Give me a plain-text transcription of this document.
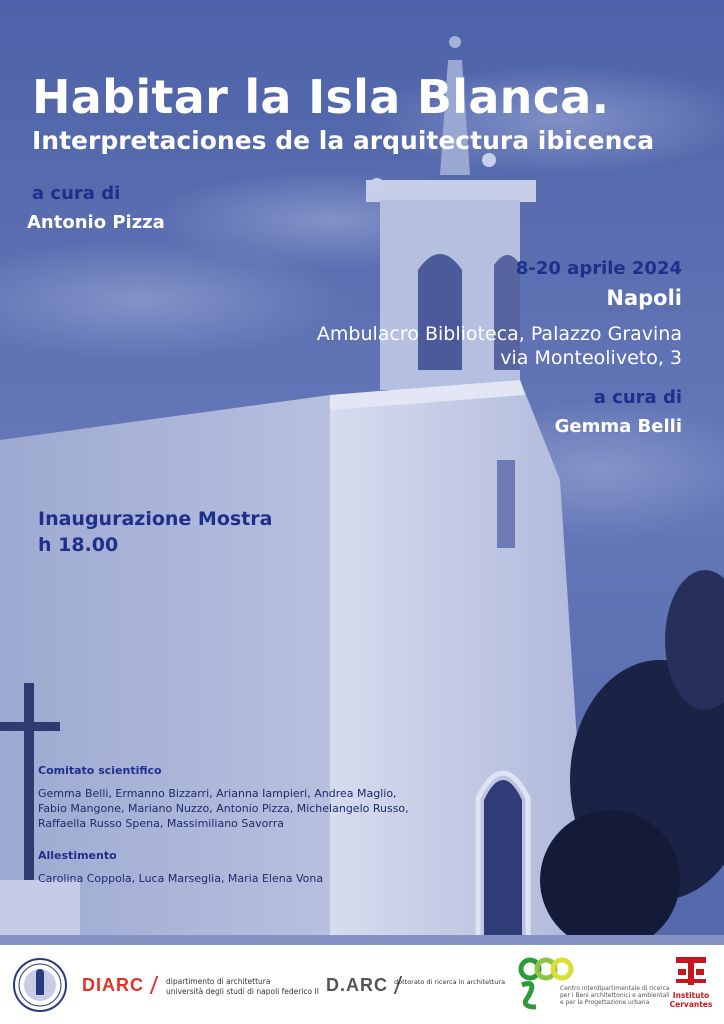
Habitar la Isla Blanca.
Interpretaciones de la arquitectura ibicenca

a cura di

Antonio Pizza

8-20 aprile 2024

Napoli

Ambulacro Biblioteca, Palazzo Gravina
via Monteoliveto, 3

a cura di

Gemma Belli

Inaugurazione Mostra
h 18.00

Comitato scientifico

Gemma Belli, Ermanno Bizzarri, Arianna Iampieri, Andrea Maglio,
Fabio Mangone, Mariano Nuzzo, Antonio Pizza, Michelangelo Russo,
Raffaella Russo Spena, Massimiliano Savorra

Allestimento

Carolina Coppola, Luca Marseglia, Maria Elena Vona

DIARC	dipartimento di architettura
università degli studi di napoli federico II D.ARC dottorato di ricerca in architettura
Centro interdipartimentale di ricerca
per i Beni architettonici e ambientali
e per la Progettazione urbana
Instituto
Cervantes
